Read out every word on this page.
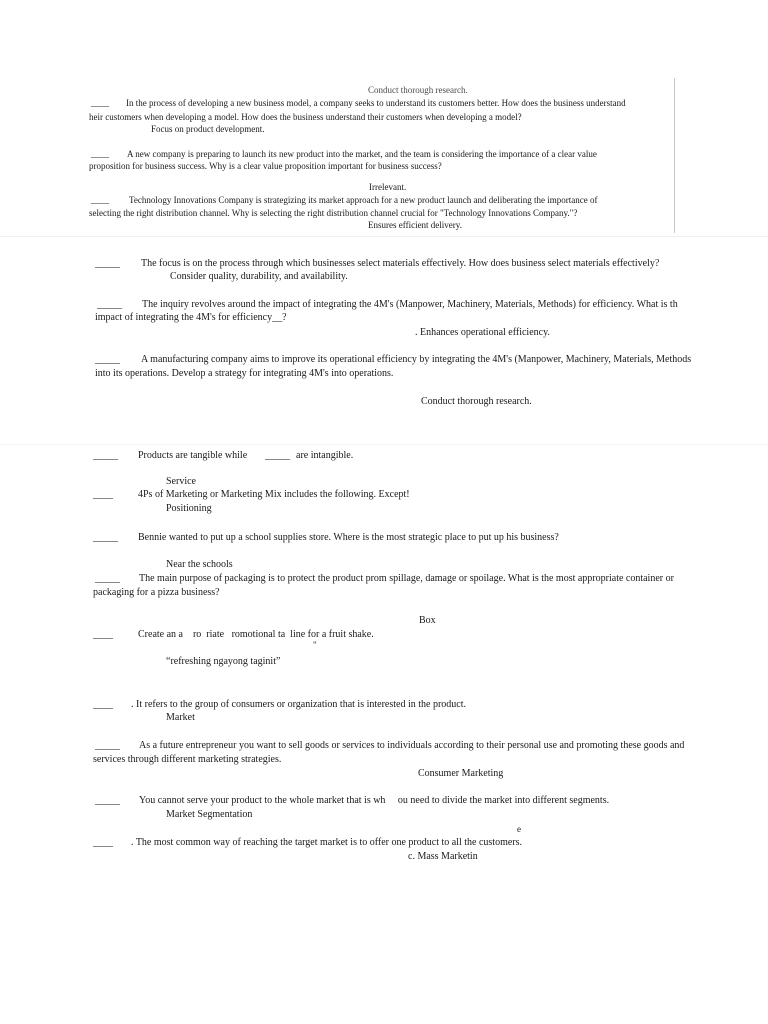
Conduct thorough research.
____ In the process of developing a new business model, a company seeks to understand its customers better. How does the business understand
heir customers when developing a model. How does the business understand their customers when developing a model?
Focus on product development.
____ A new company is preparing to launch its new product into the market, and the team is considering the importance of a clear value
proposition for business success. Why is a clear value proposition important for business success?
Irrelevant.
____ Technology Innovations Company is strategizing its market approach for a new product launch and deliberating the importance of
selecting the right distribution channel. Why is selecting the right distribution channel crucial for "Technology Innovations Company."?
Ensures efficient delivery.
_____ The focus is on the process through which businesses select materials effectively. How does business select materials effectively?
Consider quality, durability, and availability.
_____ The inquiry revolves around the impact of integrating the 4M's (Manpower, Machinery, Materials, Methods) for efficiency. What is th
impact of integrating the 4M's for efficiency__?
. Enhances operational efficiency.
_____ A manufacturing company aims to improve its operational efficiency by integrating the 4M's (Manpower, Machinery, Materials, Methods
into its operations. Develop a strategy for integrating 4M's into operations.
Conduct thorough research.
_____ Products are tangible while _____ are intangible.
Service
____	4Ps of Marketing or Marketing Mix includes the following. Except!
Positioning
_____ Bennie wanted to put up a school supplies store. Where is the most strategic place to put up his business?
Near the schools
_____ The main purpose of packaging is to protect the product prom spillage, damage or spoilage. What is the most appropriate container or
packaging for a pizza business?
Box
____	Create an a    ro  riate   romotional ta  line for a fruit shake.
"
“refreshing ngayong taginit”
____ . It refers to the group of consumers or organization that is interested in the product.
Market
_____ As a future entrepreneur you want to sell goods or services to individuals according to their personal use and promoting these goods and
services through different marketing strategies.
Consumer Marketing
_____ You cannot serve your product to the whole market that is wh     ou need to divide the market into different segments.
Market Segmentation
e
____ . The most common way of reaching the target market is to offer one product to all the customers.
c. Mass Marketin
